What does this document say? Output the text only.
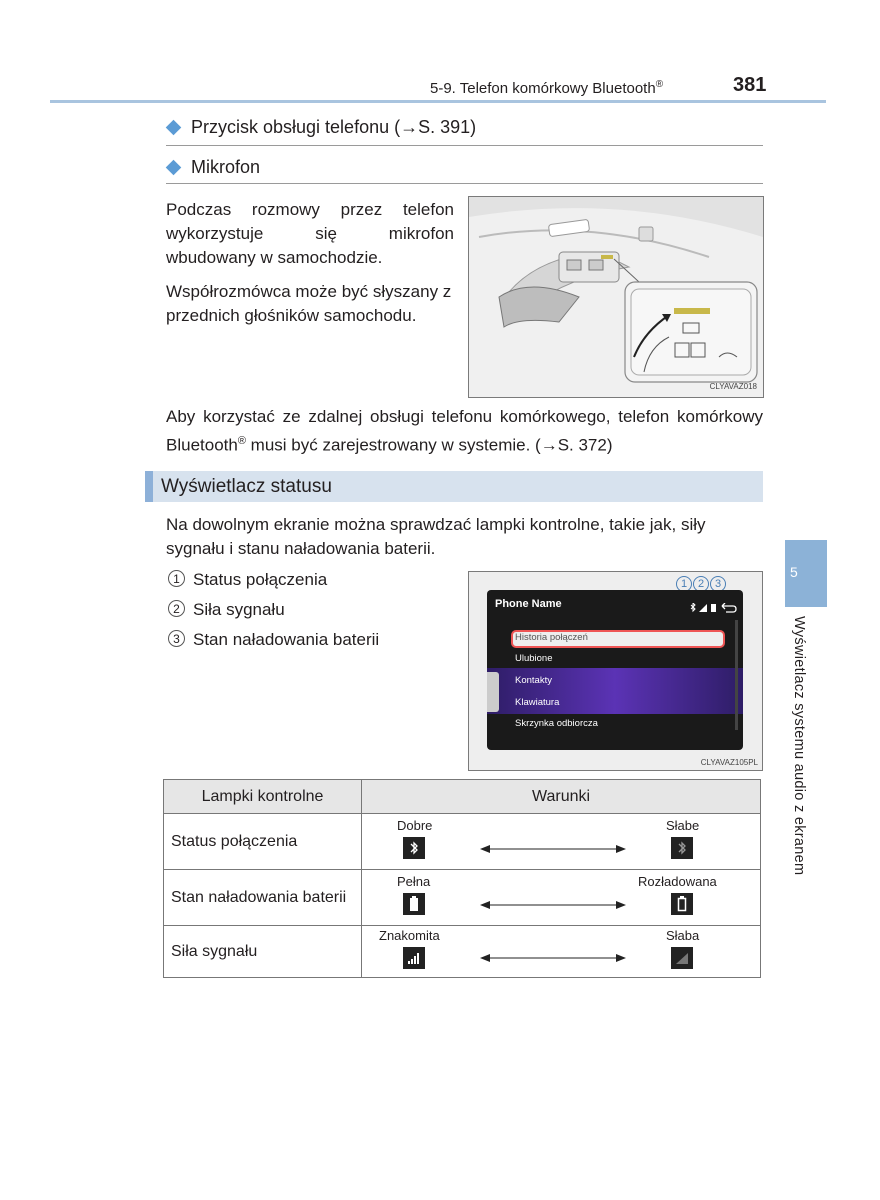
5-9. Telefon komórkowy Bluetooth®	381
Przycisk obsługi telefonu (→S. 391)
Mikrofon
Podczas rozmowy przez telefon wykorzystuje się mikrofon wbudowany w samochodzie.
Współrozmówca może być słyszany z przednich głośników samochodu.
CLYAVAZ018
Aby korzystać ze zdalnej obsługi telefonu komórkowego, telefon komórkowy Bluetooth® musi być zarejestrowany w systemie. (→S. 372)
Wyświetlacz statusu
Na dowolnym ekranie można sprawdzać lampki kontrolne, takie jak, siły sygnału i stanu naładowania baterii.
1 Status połączenia
2 Siła sygnału
3 Stan naładowania baterii
1 2 3
Phone Name
Historia połączeń
Ulubione
Kontakty
Klawiatura
Skrzynka odbiorcza
CLYAVAZ105PL
5
Wyświetlacz systemu audio z ekranem
Lampki kontrolne	Warunki
Status połączenia	Dobre Słabe

Stan naładowania baterii	Pełna Rozładowana

Siła sygnału	Znakomita Słaba
